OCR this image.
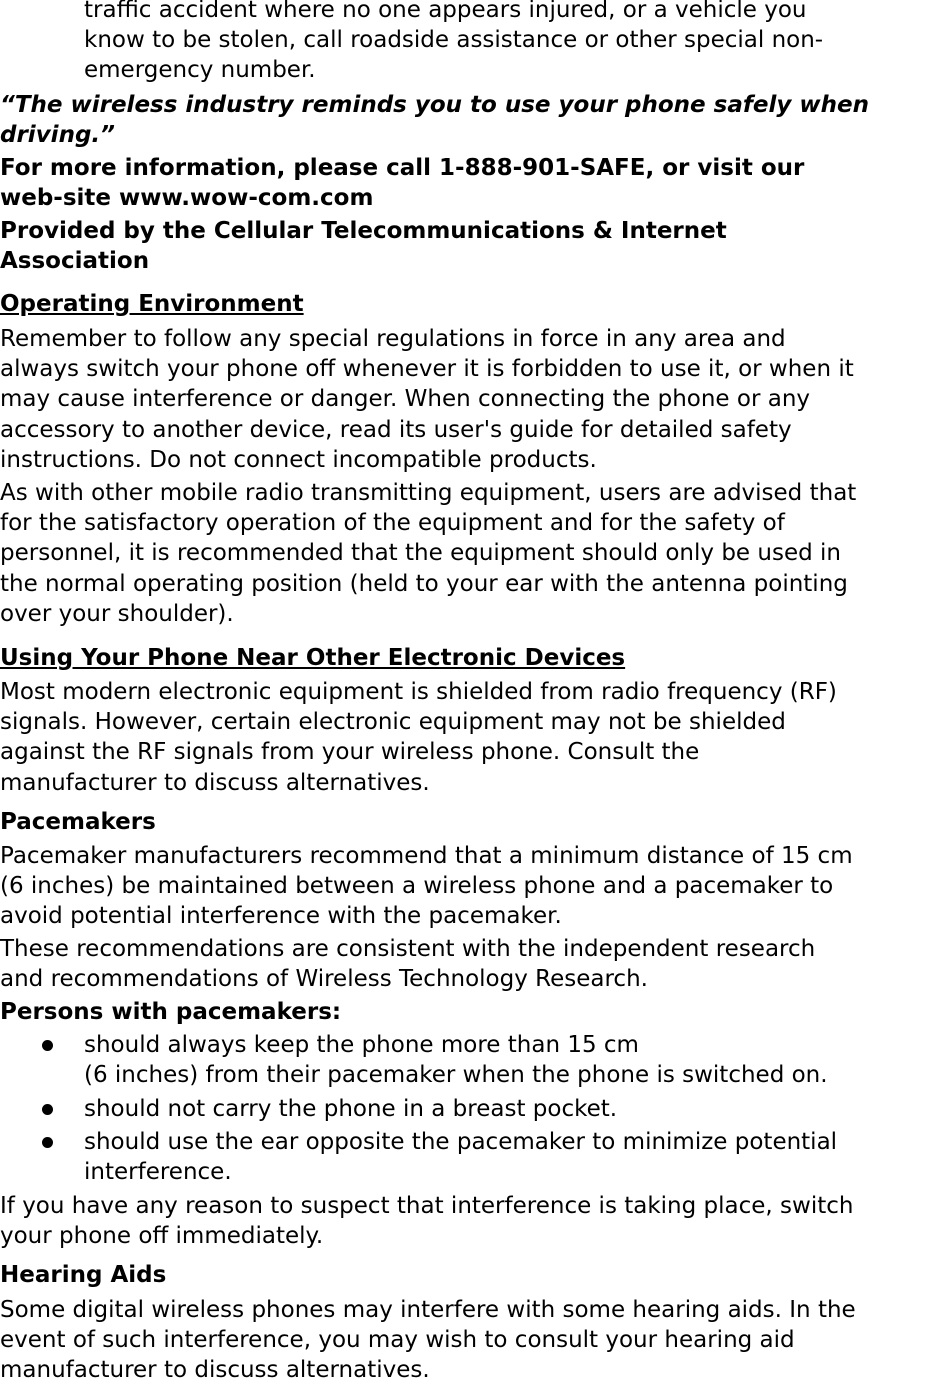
traffic accident where no one appears injured, or a vehicle you
know to be stolen, call roadside assistance or other special non-
emergency number.
“The wireless industry reminds you to use your phone safely when
driving.”
For more information, please call 1-888-901-SAFE, or visit our
web-site www.wow-com.com
Provided by the Cellular Telecommunications & Internet
Association
Operating Environment
Remember to follow any special regulations in force in any area and
always switch your phone off whenever it is forbidden to use it, or when it
may cause interference or danger. When connecting the phone or any
accessory to another device, read its user's guide for detailed safety
instructions. Do not connect incompatible products.
As with other mobile radio transmitting equipment, users are advised that
for the satisfactory operation of the equipment and for the safety of
personnel, it is recommended that the equipment should only be used in
the normal operating position (held to your ear with the antenna pointing
over your shoulder).
Using Your Phone Near Other Electronic Devices
Most modern electronic equipment is shielded from radio frequency (RF)
signals. However, certain electronic equipment may not be shielded
against the RF signals from your wireless phone. Consult the
manufacturer to discuss alternatives.
Pacemakers
Pacemaker manufacturers recommend that a minimum distance of 15 cm
(6 inches) be maintained between a wireless phone and a pacemaker to
avoid potential interference with the pacemaker.
These recommendations are consistent with the independent research
and recommendations of Wireless Technology Research.
Persons with pacemakers:
should always keep the phone more than 15 cm
(6 inches) from their pacemaker when the phone is switched on.
should not carry the phone in a breast pocket.
should use the ear opposite the pacemaker to minimize potential
interference.
If you have any reason to suspect that interference is taking place, switch
your phone off immediately.
Hearing Aids
Some digital wireless phones may interfere with some hearing aids. In the
event of such interference, you may wish to consult your hearing aid
manufacturer to discuss alternatives.
